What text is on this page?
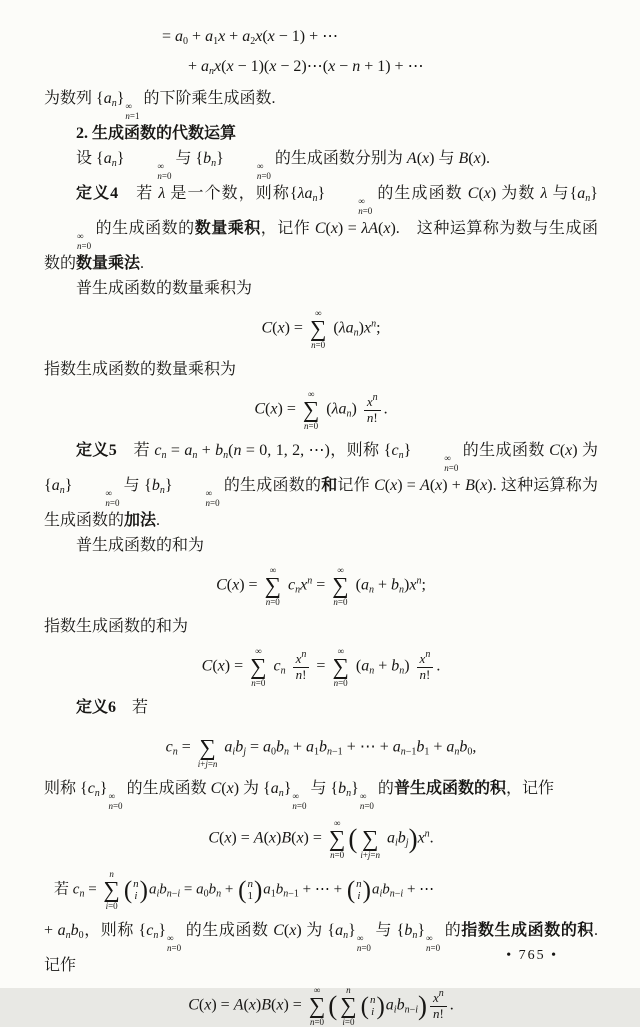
= $a_0 + a_1x + a_2x(x - 1)$ + ⋯
+ $a_nx(x - 1)(x$ − 2)⋯(x − n + 1) + ⋯
为数列 $\{a_n\}$ ∞
n=1
的下阶乘生成函数.
2. 生成函数的代数运算
设 $\{a_n\}$	∞
n=0
与 $\{b_n\}$	∞
n=0
的生成函数分别为 A(x) 与 B(x).
定义4　若 λ 是一个数，则称$\{\lambda a_n\}$	∞
n=0
的生成函数 C(x) 为数 λ 与$\{a_n\}$
∞
n=0
的生成函数的数量乘积，记作 C(x) = λA(x).　这种运算称为数与生成函数的数量乘法.
普生成函数的数量乘积为
C(x) =
∞
∑
n=0
$(\lambda a_n)x^n$;
指数生成函数的数量乘积为
C(x) =
∞
∑
n=0
$(\lambda a_n) \frac{x^n}{n!}$ .
定义5　若 $c_n = a_n + b_n(n = 0$, 1, 2, ⋯)，则称 $\{c_n\}$	∞
n=0
的生成函数 C(x) 为 $\{a_n\}$	∞
n=0
与 $\{b_n\}$	∞
n=0
的生成函数的和记作 C(x) = A(x) + B(x). 这种运算称为生成函数的加法.
普生成函数的和为
C(x) =
∞
∑
n=0
$c_nx^n$ =
∞
∑
n=0
$(a_n + b_n)x^n$;
指数生成函数的和为
C(x) =
∞
∑
n=0
$c_n \frac{x^n}{n!}$ =
∞
∑
n=0
$(a_n + b_n) \frac{x^n}{n!}$ .
定义6　若
$c_n$ =
∑
i+j=n
$a_ib_j = a_0b_n + a_1b_{n-1}$ + ⋯ + $a_{n-1}b_1 + a_nb_0$,
则称 $\{c_n\}$ ∞
n=0
的生成函数 C(x) 为 $\{a_n\}$ ∞
n=0
与 $\{b_n\}$ ∞
n=0
的普生成函数的积，记作
C(x) = A(x)B(x) =
∞
∑
n=0
(
∑
i+j=n
$a_ib_j)x^n$.
若 $c_n$ =
n
∑
i=0
( n
i ) $a_ib_{n-i} = a_0b_n$ + ( n
1 ) $a_1b_{n-1}$ + ⋯ + ( n
i ) $a_ib_{n-i}$ + ⋯
+ $a_nb_0$，则称 $\{c_n\}$ ∞
n=0
的生成函数 C(x) 为 $\{a_n\}$ ∞
n=0
与 $\{b_n\}$ ∞
n=0
的指数生成函数的积. 记作
C(x) = A(x)B(x) =
∞
∑
n=0
(
n
∑
i=0
( n
i ) $a_ib_{n-i}) \frac{x^n}{n!}$ .
• 765 •
